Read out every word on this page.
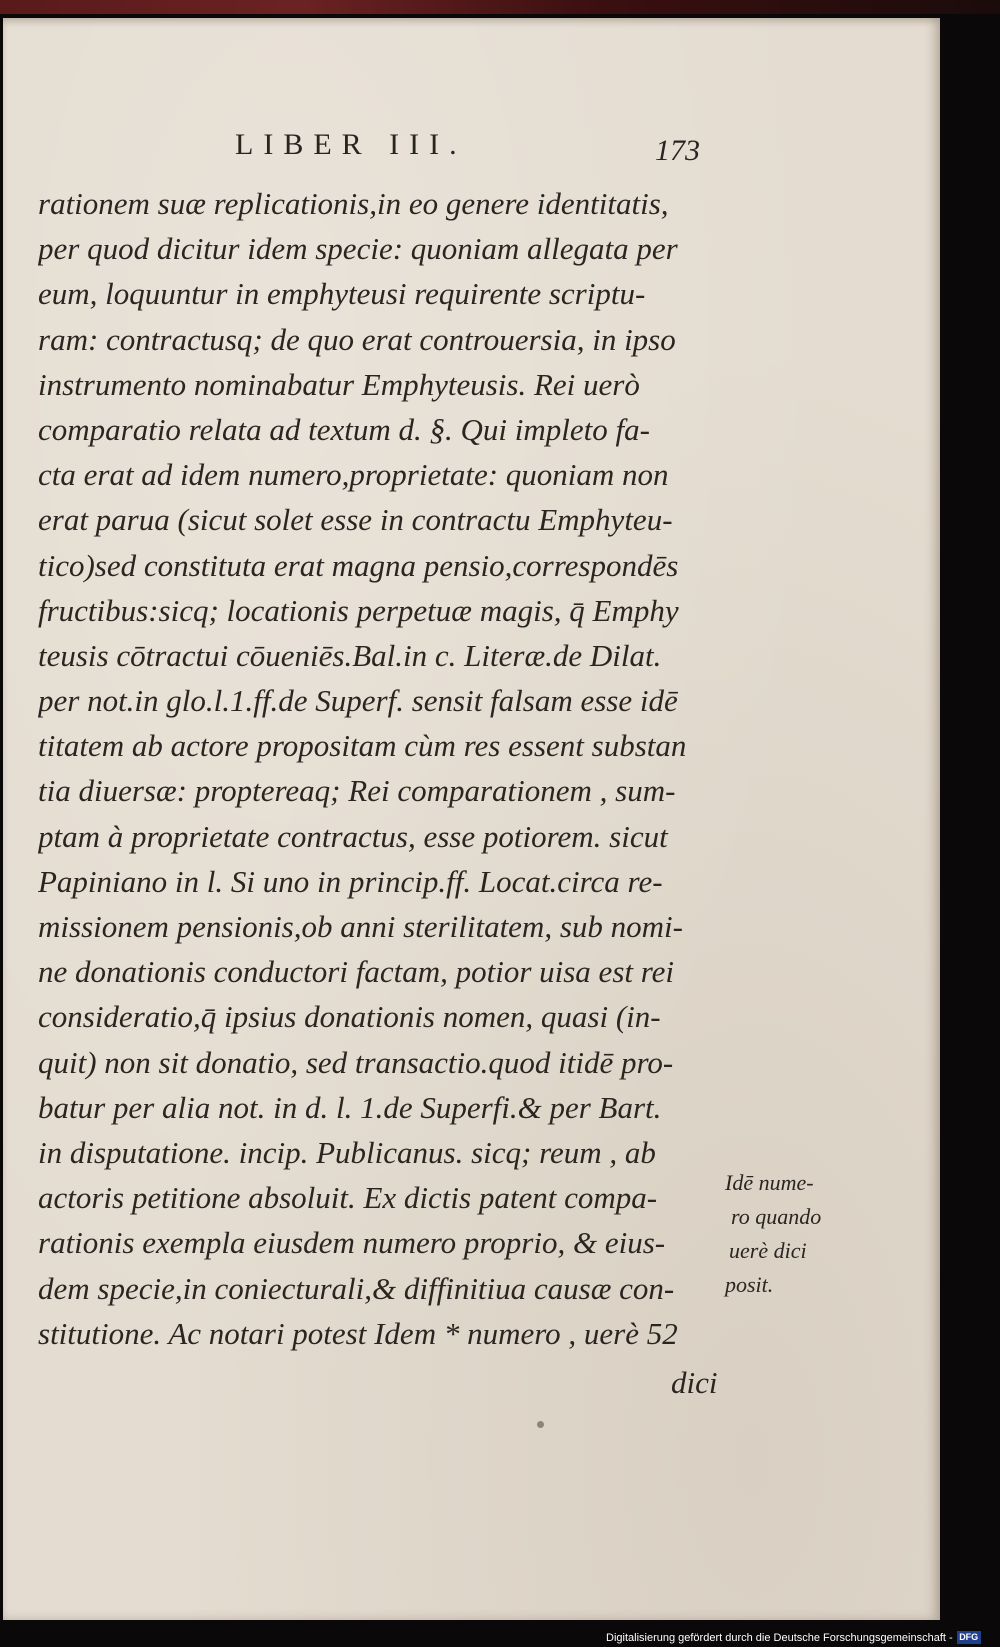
LIBER III.	173
rationem suæ replicationis,in eo genere identitatis,
per quod dicitur idem specie: quoniam allegata per
eum, loquuntur in emphyteusi requirente scriptu-
ram: contractusq; de quo erat controuersia, in ipso
instrumento nominabatur Emphyteusis. Rei uerò
comparatio relata ad textum d. §. Qui impleto fa-
cta erat ad idem numero,proprietate: quoniam non
erat parua (sicut solet esse in contractu Emphyteu-
tico)sed constituta erat magna pensio,correspondēs
fructibus:sicq; locationis perpetuæ magis, q̄ Emphy
teusis cōtractui cōueniēs.Bal.in c. Literæ.de Dilat.
per not.in glo.l.1.ff.de Superf. sensit falsam esse idē
titatem ab actore propositam cùm res essent substan
tia diuersæ: proptereaq; Rei comparationem , sum-
ptam à proprietate contractus, esse potiorem. sicut
Papiniano in l. Si uno in princip.ff. Locat.circa re-
missionem pensionis,ob anni sterilitatem, sub nomi-
ne donationis conductori factam, potior uisa est rei
consideratio,q̄ ipsius donationis nomen, quasi (in-
quit) non sit donatio, sed transactio.quod itidē pro-
batur per alia not. in d. l. 1.de Superfi.& per Bart.
in disputatione. incip. Publicanus. sicq; reum , ab
actoris petitione absoluit. Ex dictis patent compa-
rationis exempla eiusdem numero proprio, & eius-
dem specie,in coniecturali,& diffinitiua causæ con-
stitutione. Ac notari potest Idem * numero , uerè 52
Idē nume-
ro quando
uerè dici
posit.
dici
Digitalisierung gefördert durch die Deutsche Forschungsgemeinschaft - DFG
